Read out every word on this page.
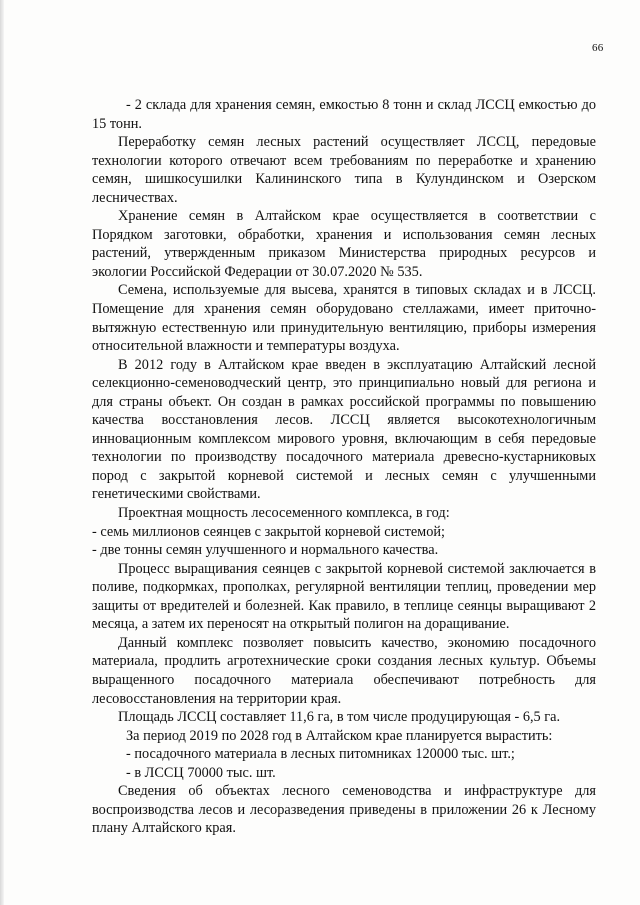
66

- 2 склада для хранения семян, емкостью 8 тонн и склад ЛССЦ емкостью до 15 тонн.

Переработку семян лесных растений осуществляет ЛССЦ, передовые технологии которого отвечают всем требованиям по переработке и хранению семян, шишкосушилки Калининского типа в Кулундинском и Озерском лесничествах.

Хранение семян в Алтайском крае осуществляется в соответствии с Порядком заготовки, обработки, хранения и использования семян лесных растений, утвержденным приказом Министерства природных ресурсов и экологии Российской Федерации от 30.07.2020 № 535.

Семена, используемые для высева, хранятся в типовых складах и в ЛССЦ. Помещение для хранения семян оборудовано стеллажами, имеет приточно-вытяжную естественную или принудительную вентиляцию, приборы измерения относительной влажности и температуры воздуха.

В 2012 году в Алтайском крае введен в эксплуатацию Алтайский лесной селекционно-семеноводческий центр, это принципиально новый для региона и для страны объект. Он создан в рамках российской программы по повышению качества восстановления лесов. ЛССЦ является высокотехнологичным инновационным комплексом мирового уровня, включающим в себя передовые технологии по производству посадочного материала древесно-кустарниковых пород с закрытой корневой системой и лесных семян с улучшенными генетическими свойствами.

Проектная мощность лесосеменного комплекса, в год:

- семь миллионов сеянцев с закрытой корневой системой;

- две тонны семян улучшенного и нормального качества.

Процесс выращивания сеянцев с закрытой корневой системой заключается в поливе, подкормках, прополках, регулярной вентиляции теплиц, проведении мер защиты от вредителей и болезней. Как правило, в теплице сеянцы выращивают 2 месяца, а затем их переносят на открытый полигон на доращивание.

Данный комплекс позволяет повысить качество, экономию посадочного материала, продлить агротехнические сроки создания лесных культур. Объемы выращенного посадочного материала обеспечивают потребность для лесовосстановления на территории края.

Площадь ЛССЦ составляет 11,6 га, в том числе продуцирующая - 6,5 га.

За период 2019 по 2028 год в Алтайском крае планируется вырастить:

- посадочного материала в лесных питомниках 120000 тыс. шт.;

- в ЛССЦ 70000 тыс. шт.

Сведения об объектах лесного семеноводства и инфраструктуре для воспроизводства лесов и лесоразведения приведены в приложении 26 к Лесному плану Алтайского края.
